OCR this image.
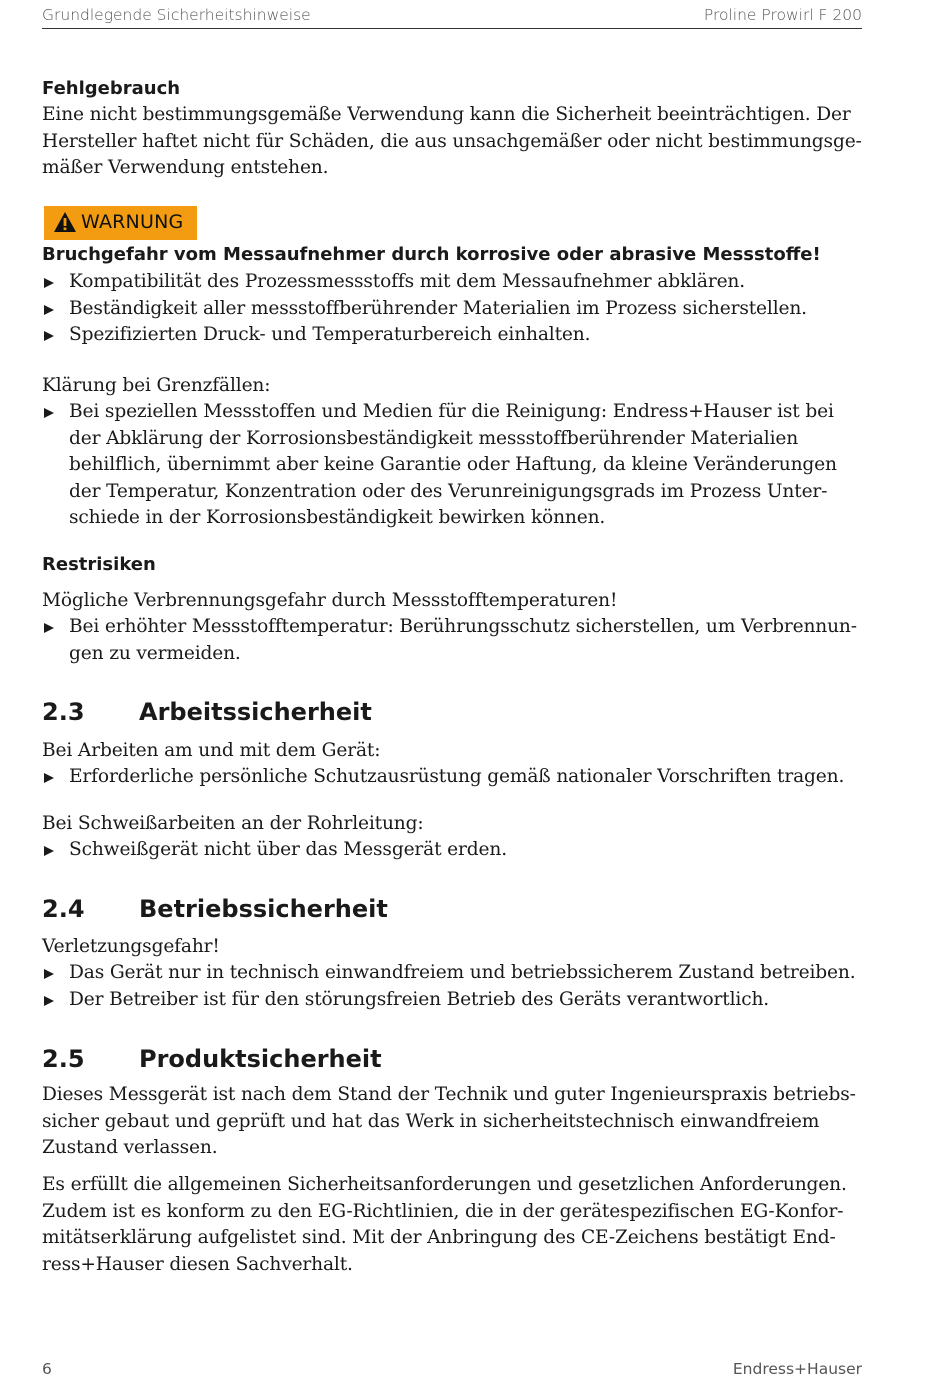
Grundlegende Sicherheitshinweise	Proline Prowirl F 200
Fehlgebrauch
Eine nicht bestimmungsgemäße Verwendung kann die Sicherheit beeinträchtigen. Der
Hersteller haftet nicht für Schäden, die aus unsachgemäßer oder nicht bestimmungsge-
mäßer Verwendung entstehen.
WARNUNG
Bruchgefahr vom Messaufnehmer durch korrosive oder abrasive Messstoffe!
Kompatibilität des Prozessmessstoffs mit dem Messaufnehmer abklären.
Beständigkeit aller messstoffberührender Materialien im Prozess sicherstellen.
Spezifizierten Druck- und Temperaturbereich einhalten.
Klärung bei Grenzfällen:
Bei speziellen Messstoffen und Medien für die Reinigung: Endress+Hauser ist bei
der Abklärung der Korrosionsbeständigkeit messstoffberührender Materialien
behilflich, übernimmt aber keine Garantie oder Haftung, da kleine Veränderungen
der Temperatur, Konzentration oder des Verunreinigungsgrads im Prozess Unter-
schiede in der Korrosionsbeständigkeit bewirken können.
Restrisiken
Mögliche Verbrennungsgefahr durch Messstofftemperaturen!
Bei erhöhter Messstofftemperatur: Berührungsschutz sicherstellen, um Verbrennun-
gen zu vermeiden.
2.3 Arbeitssicherheit
Bei Arbeiten am und mit dem Gerät:
Erforderliche persönliche Schutzausrüstung gemäß nationaler Vorschriften tragen.
Bei Schweißarbeiten an der Rohrleitung:
Schweißgerät nicht über das Messgerät erden.
2.4 Betriebssicherheit
Verletzungsgefahr!
Das Gerät nur in technisch einwandfreiem und betriebssicherem Zustand betreiben.
Der Betreiber ist für den störungsfreien Betrieb des Geräts verantwortlich.
2.5 Produktsicherheit
Dieses Messgerät ist nach dem Stand der Technik und guter Ingenieurspraxis betriebs-
sicher gebaut und geprüft und hat das Werk in sicherheitstechnisch einwandfreiem
Zustand verlassen.
Es erfüllt die allgemeinen Sicherheitsanforderungen und gesetzlichen Anforderungen.
Zudem ist es konform zu den EG-Richtlinien, die in der gerätespezifischen EG-Konfor-
mitätserklärung aufgelistet sind. Mit der Anbringung des CE-Zeichens bestätigt End-
ress+Hauser diesen Sachverhalt.
6	Endress+Hauser
